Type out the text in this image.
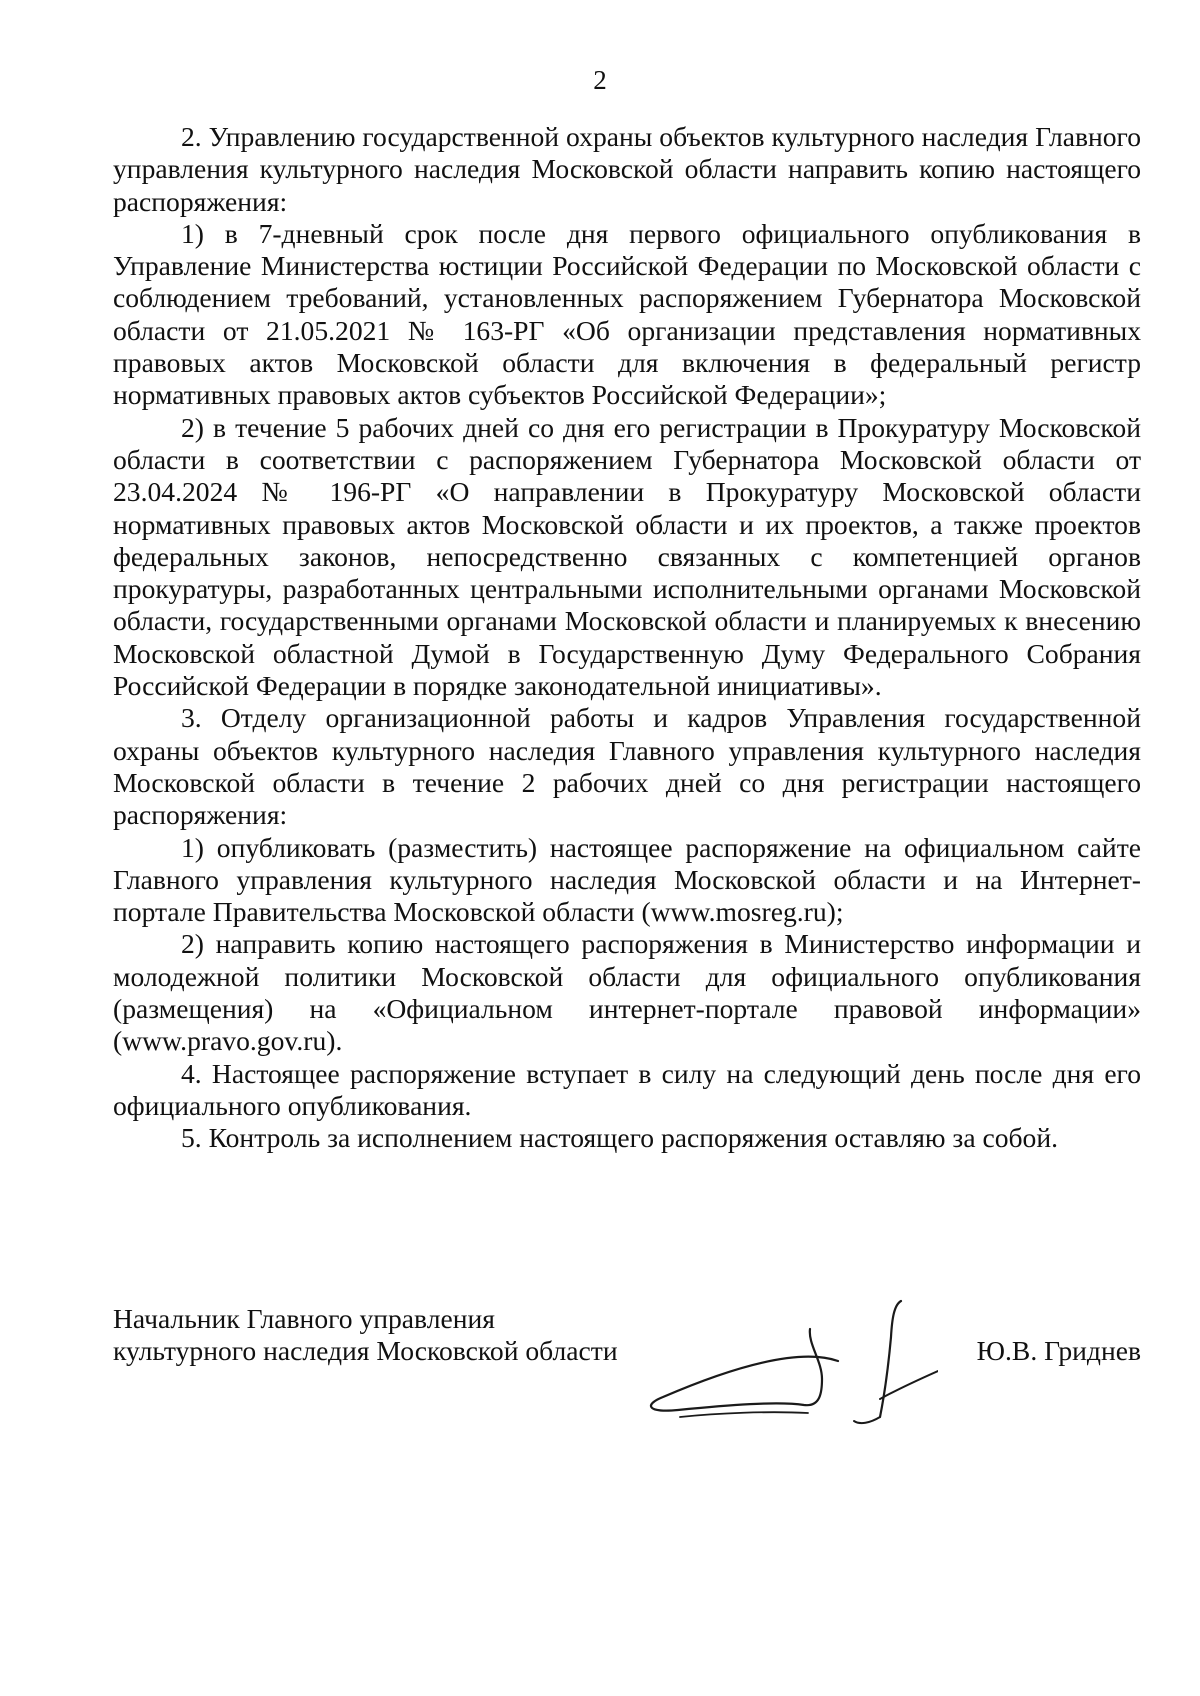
2

2. Управлению государственной охраны объектов культурного наследия Главного управления культурного наследия Московской области направить копию настоящего распоряжения:

1) в 7-дневный срок после дня первого официального опубликования в Управление Министерства юстиции Российской Федерации по Московской области с соблюдением требований, установленных распоряжением Губернатора Московской области от 21.05.2021 № 163-РГ «Об организации представления нормативных правовых актов Московской области для включения в федеральный регистр нормативных правовых актов субъектов Российской Федерации»;

2) в течение 5 рабочих дней со дня его регистрации в Прокуратуру Московской области в соответствии с распоряжением Губернатора Московской области от 23.04.2024 № 196-РГ «О направлении в Прокуратуру Московской области нормативных правовых актов Московской области и их проектов, а также проектов федеральных законов, непосредственно связанных с компетенцией органов прокуратуры, разработанных центральными исполнительными органами Московской области, государственными органами Московской области и планируемых к внесению Московской областной Думой в Государственную Думу Федерального Собрания Российской Федерации в порядке законодательной инициативы».

3. Отделу организационной работы и кадров Управления государственной охраны объектов культурного наследия Главного управления культурного наследия Московской области в течение 2 рабочих дней со дня регистрации настоящего распоряжения:

1) опубликовать (разместить) настоящее распоряжение на официальном сайте Главного управления культурного наследия Московской области и на Интернет-портале Правительства Московской области (www.mosreg.ru);

2) направить копию настоящего распоряжения в Министерство информации и молодежной политики Московской области для официального опубликования (размещения) на «Официальном интернет-портале правовой информации» (www.pravo.gov.ru).

4. Настоящее распоряжение вступает в силу на следующий день после дня его официального опубликования.

5. Контроль за исполнением настоящего распоряжения оставляю за собой.

Начальник Главного управления
культурного наследия Московской области	Ю.В. Гриднев
